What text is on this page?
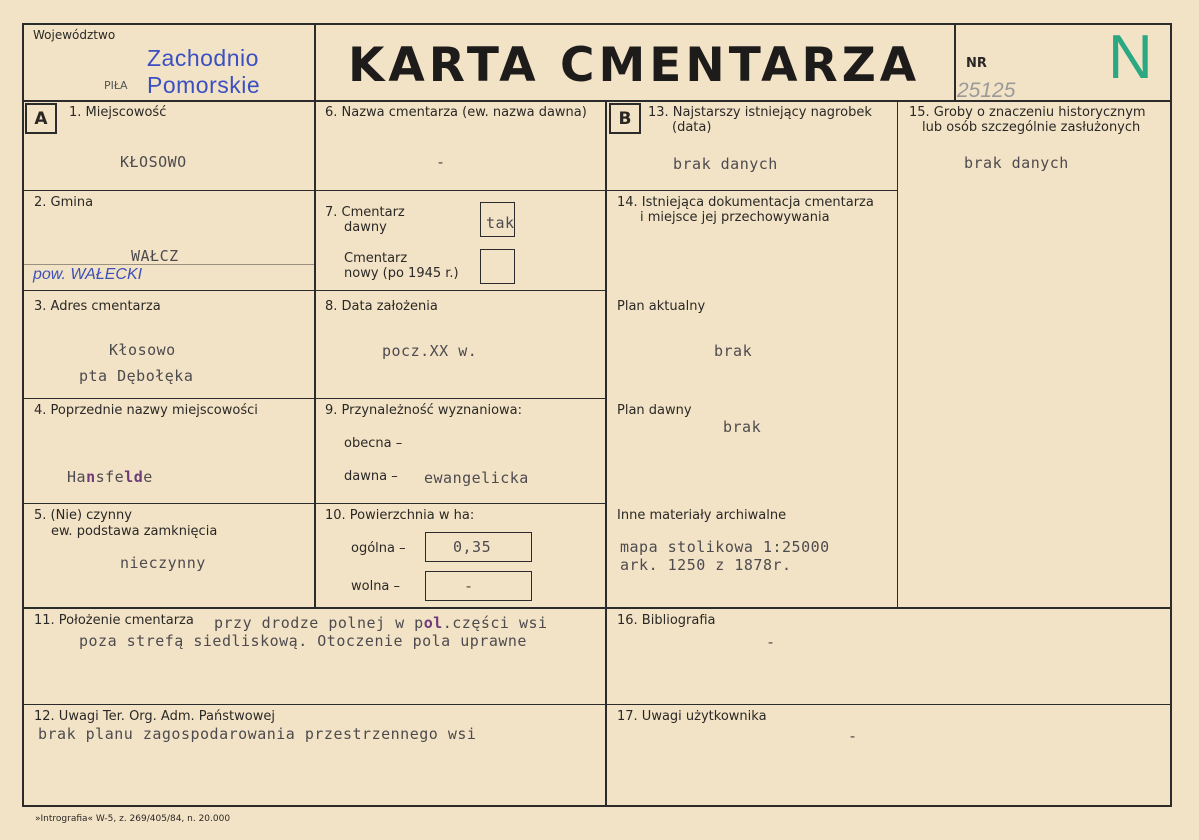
Województwo
Zachodnio
PIŁA Pomorskie KARTA CMENTARZA	NR N
25125
A	1. Miejscowość
KŁOSOWO
2. Gmina
WAŁCZ
pow. WAŁECKI
3. Adres cmentarza
Kłosowo
pta Dębołęka
4. Poprzednie nazwy miejscowości
Hansfelde
5. (Nie) czynny
ew. podstawa zamknięcia
nieczynny
6. Nazwa cmentarza (ew. nazwa dawna)
-
7. Cmentarz
dawny	tak
Cmentarz
nowy (po 1945 r.)
8. Data założenia
pocz.XX w.
9. Przynależność wyznaniowa:
obecna –
dawna – ewangelicka
10. Powierzchnia w ha:
ogólna –	0,35
wolna –	-
B	13. Najstarszy istniejący nagrobek
(data)
brak danych
14. Istniejąca dokumentacja cmentarza
i miejsce jej przechowywania
Plan aktualny
brak
Plan dawny
brak
Inne materiały archiwalne
mapa stolikowa 1:25000
ark. 1250 z 1878r.
15. Groby o znaczeniu historycznym
lub osób szczególnie zasłużonych
brak danych
11. Położenie cmentarza przy drodze polnej w pol.części wsi
poza strefą siedliskową. Otoczenie pola uprawne
16. Bibliografia
-
12. Uwagi Ter. Org. Adm. Państwowej
brak planu zagospodarowania przestrzennego wsi
17. Uwagi użytkownika
-
»Intrografia« W-5, z. 269/405/84, n. 20.000
